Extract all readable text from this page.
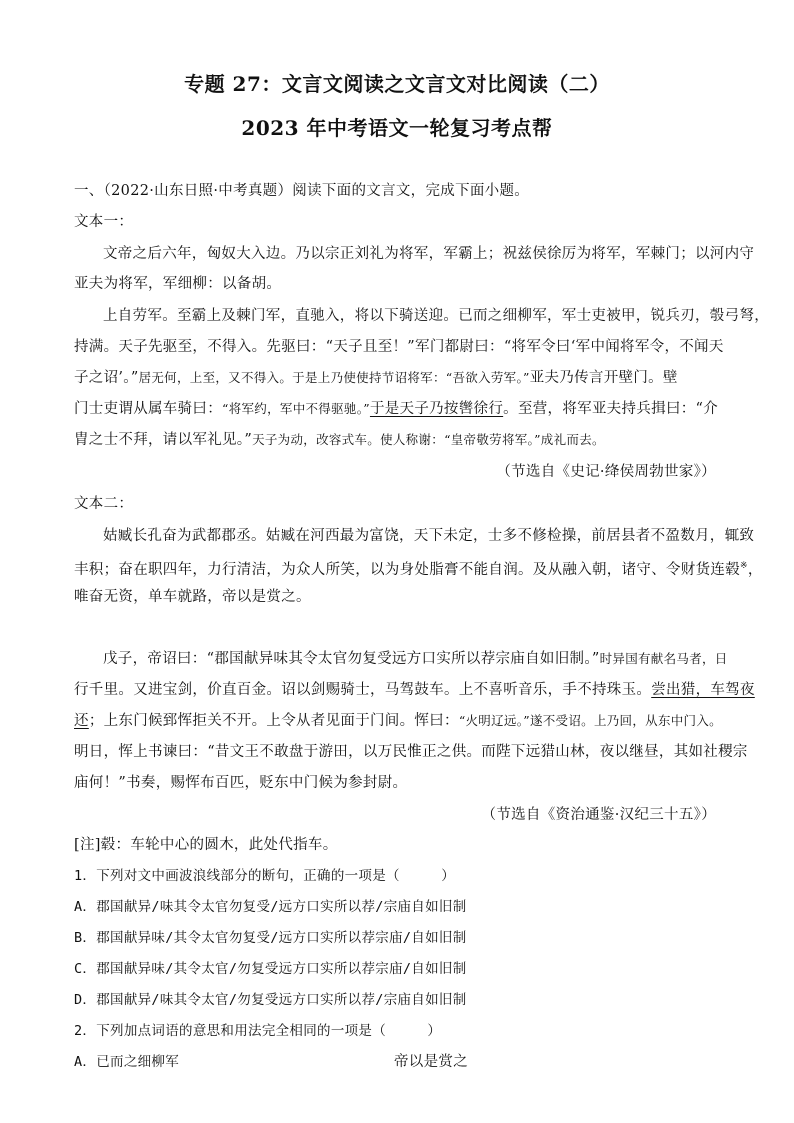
专题 27：文言文阅读之文言文对比阅读（二）
2023 年中考语文一轮复习考点帮
一、（2022·山东日照·中考真题）阅读下面的文言文，完成下面小题。
文本一：
文帝之后六年，匈奴大入边。乃以宗正刘礼为将军，军霸上；祝兹侯徐厉为将军，军棘门；以河内守
亚夫为将军，军细柳：以备胡。
上自劳军。至霸上及棘门军，直驰入，将以下骑送迎。已而之细柳军，军士吏被甲，锐兵刃，彀弓弩，
持满。天子先驱至，不得入。先驱曰：“天子且至！”军门都尉曰：“将军令曰‘军中闻将军令，不闻天
子之诏’。”居无何，上至，又不得入。于是上乃使使持节诏将军：“吾欲入劳军。”亚夫乃传言开壁门。壁
门士吏谓从属车骑曰：“将军约，军中不得驱驰。”于是天子乃按辔徐行。至营，将军亚夫持兵揖曰：“介
胄之士不拜，请以军礼见。”天子为动，改容式车。使人称谢：“皇帝敬劳将军。”成礼而去。
（节选自《史记·绛侯周勃世家》）
文本二：
姑臧长孔奋为武都郡丞。姑臧在河西最为富饶，天下未定，士多不修检操，前居县者不盈数月，辄致
丰积；奋在职四年，力行清洁，为众人所笑，以为身处脂膏不能自润。及从融入朝，诸守、令财货连毂※，
唯奋无资，单车就路，帝以是赏之。
戊子，帝诏曰：“郡国献异味其令太官勿复受远方口实所以荐宗庙自如旧制。”时异国有献名马者，日
行千里。又进宝剑，价直百金。诏以剑赐骑士，马驾鼓车。上不喜听音乐，手不持珠玉。尝出猎，车驾夜
还；上东门候郅恽拒关不开。上令从者见面于门间。恽曰：“火明辽远。”遂不受诏。上乃回，从东中门入。
明日，恽上书谏曰：“昔文王不敢盘于游田，以万民惟正之供。而陛下远猎山林，夜以继昼，其如社稷宗
庙何！”书奏，赐恽布百匹，贬东中门候为参封尉。
（节选自《资治通鉴·汉纪三十五》）
[注]毂：车轮中心的圆木，此处代指车。
1．下列对文中画波浪线部分的断句，正确的一项是（　　　）
A．郡国献异/味其令太官勿复受/远方口实所以荐/宗庙自如旧制
B．郡国献异味/其令太官勿复受/远方口实所以荐宗庙/自如旧制
C．郡国献异味/其令太官/勿复受远方口实所以荐宗庙/自如旧制
D．郡国献异/味其令太官/勿复受远方口实所以荐/宗庙自如旧制
2．下列加点词语的意思和用法完全相同的一项是（　　　）
A．已而之细柳军	帝以是赏之
